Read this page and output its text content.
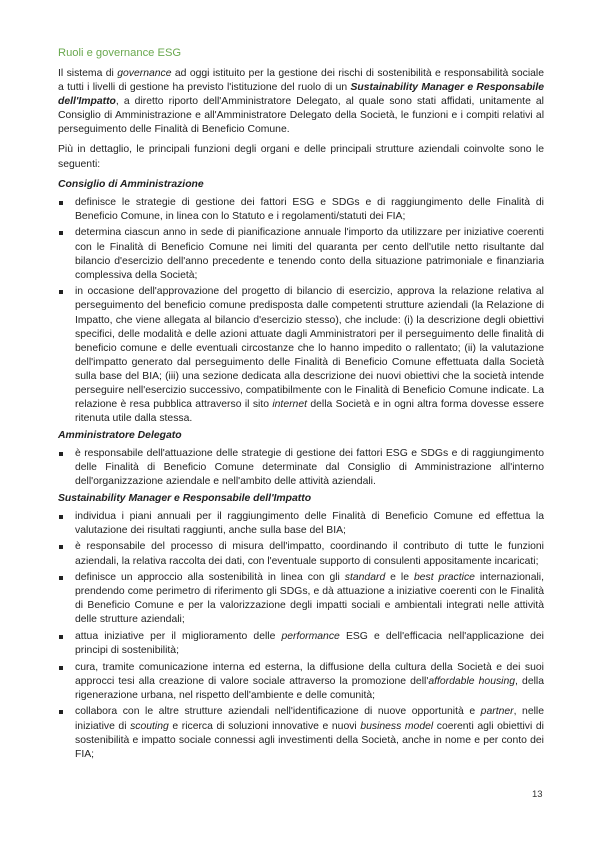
Ruoli e governance ESG

Il sistema di governance ad oggi istituito per la gestione dei rischi di sostenibilità e responsabilità sociale a tutti i livelli di gestione ha previsto l'istituzione del ruolo di un Sustainability Manager e Responsabile dell'Impatto, a diretto riporto dell'Amministratore Delegato, al quale sono stati affidati, unitamente al Consiglio di Amministrazione e all'Amministratore Delegato della Società, le funzioni e i compiti relativi al perseguimento delle Finalità di Beneficio Comune.

Più in dettaglio, le principali funzioni degli organi e delle principali strutture aziendali coinvolte sono le seguenti:

Consiglio di Amministrazione
definisce le strategie di gestione dei fattori ESG e SDGs e di raggiungimento delle Finalità di Beneficio Comune, in linea con lo Statuto e i regolamenti/statuti dei FIA;
determina ciascun anno in sede di pianificazione annuale l'importo da utilizzare per iniziative coerenti con le Finalità di Beneficio Comune nei limiti del quaranta per cento dell'utile netto risultante dal bilancio d'esercizio dell'anno precedente e tenendo conto della situazione patrimoniale e finanziaria complessiva della Società;
in occasione dell'approvazione del progetto di bilancio di esercizio, approva la relazione relativa al perseguimento del beneficio comune predisposta dalle competenti strutture aziendali (la Relazione di Impatto, che viene allegata al bilancio d'esercizio stesso), che include: (i) la descrizione degli obiettivi specifici, delle modalità e delle azioni attuate dagli Amministratori per il perseguimento delle finalità di beneficio comune e delle eventuali circostanze che lo hanno impedito o rallentato; (ii) la valutazione dell'impatto generato dal perseguimento delle Finalità di Beneficio Comune effettuata dalla Società sulla base del BIA; (iii) una sezione dedicata alla descrizione dei nuovi obiettivi che la società intende perseguire nell'esercizio successivo, compatibilmente con le Finalità di Beneficio Comune indicate. La relazione è resa pubblica attraverso il sito internet della Società e in ogni altra forma dovesse essere ritenuta utile dalla stessa.
Amministratore Delegato
è responsabile dell'attuazione delle strategie di gestione dei fattori ESG e SDGs e di raggiungimento delle Finalità di Beneficio Comune determinate dal Consiglio di Amministrazione all'interno dell'organizzazione aziendale e nell'ambito delle attività aziendali.
Sustainability Manager e Responsabile dell'Impatto
individua i piani annuali per il raggiungimento delle Finalità di Beneficio Comune ed effettua la valutazione dei risultati raggiunti, anche sulla base del BIA;
è responsabile del processo di misura dell'impatto, coordinando il contributo di tutte le funzioni aziendali, la relativa raccolta dei dati, con l'eventuale supporto di consulenti appositamente incaricati;
definisce un approccio alla sostenibilità in linea con gli standard e le best practice internazionali, prendendo come perimetro di riferimento gli SDGs, e dà attuazione a iniziative coerenti con le Finalità di Beneficio Comune e per la valorizzazione degli impatti sociali e ambientali integrati nelle attività delle strutture aziendali;
attua iniziative per il miglioramento delle performance ESG e dell'efficacia nell'applicazione dei principi di sostenibilità;
cura, tramite comunicazione interna ed esterna, la diffusione della cultura della Società e dei suoi approcci tesi alla creazione di valore sociale attraverso la promozione dell'affordable housing, della rigenerazione urbana, nel rispetto dell'ambiente e delle comunità;
collabora con le altre strutture aziendali nell'identificazione di nuove opportunità e partner, nelle iniziative di scouting e ricerca di soluzioni innovative e nuovi business model coerenti agli obiettivi di sostenibilità e impatto sociale connessi agli investimenti della Società, anche in nome e per conto dei FIA;
13
